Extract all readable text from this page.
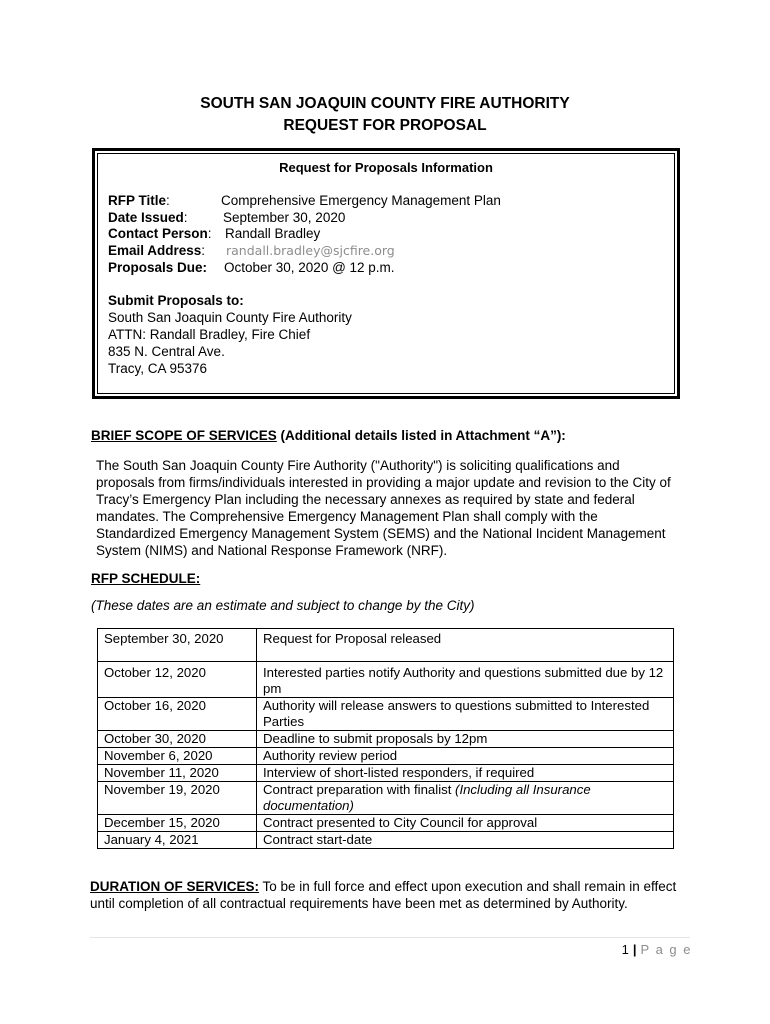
SOUTH SAN JOAQUIN COUNTY FIRE AUTHORITY
REQUEST FOR PROPOSAL
Request for Proposals Information
RFP Title:	Comprehensive Emergency Management Plan
Date Issued:	September 30, 2020
Contact Person: Randall Bradley
Email Address: randall.bradley@sjcfire.org
Proposals Due: October 30, 2020 @ 12 p.m.
Submit Proposals to:
South San Joaquin County Fire Authority
ATTN: Randall Bradley, Fire Chief
835 N. Central Ave.
Tracy, CA 95376
BRIEF SCOPE OF SERVICES (Additional details listed in Attachment “A”):
The South San Joaquin County Fire Authority ("Authority") is soliciting qualifications and proposals from firms/individuals interested in providing a major update and revision to the City of Tracy’s Emergency Plan including the necessary annexes as required by state and federal mandates. The Comprehensive Emergency Management Plan shall comply with the Standardized Emergency Management System (SEMS) and the National Incident Management System (NIMS) and National Response Framework (NRF).
RFP SCHEDULE:
(These dates are an estimate and subject to change by the City)
September 30, 2020	Request for Proposal released
October 12, 2020	Interested parties notify Authority and questions submitted due by 12 pm
October 16, 2020	Authority will release answers to questions submitted to Interested Parties
October 30, 2020	Deadline to submit proposals by 12pm
November 6, 2020	Authority review period
November 11, 2020	Interview of short-listed responders, if required
November 19, 2020	Contract preparation with finalist (Including all Insurance documentation)
December 15, 2020	Contract presented to City Council for approval
January 4, 2021	Contract start-date
DURATION OF SERVICES: To be in full force and effect upon execution and shall remain in effect until completion of all contractual requirements have been met as determined by Authority.
1 | P a g e
